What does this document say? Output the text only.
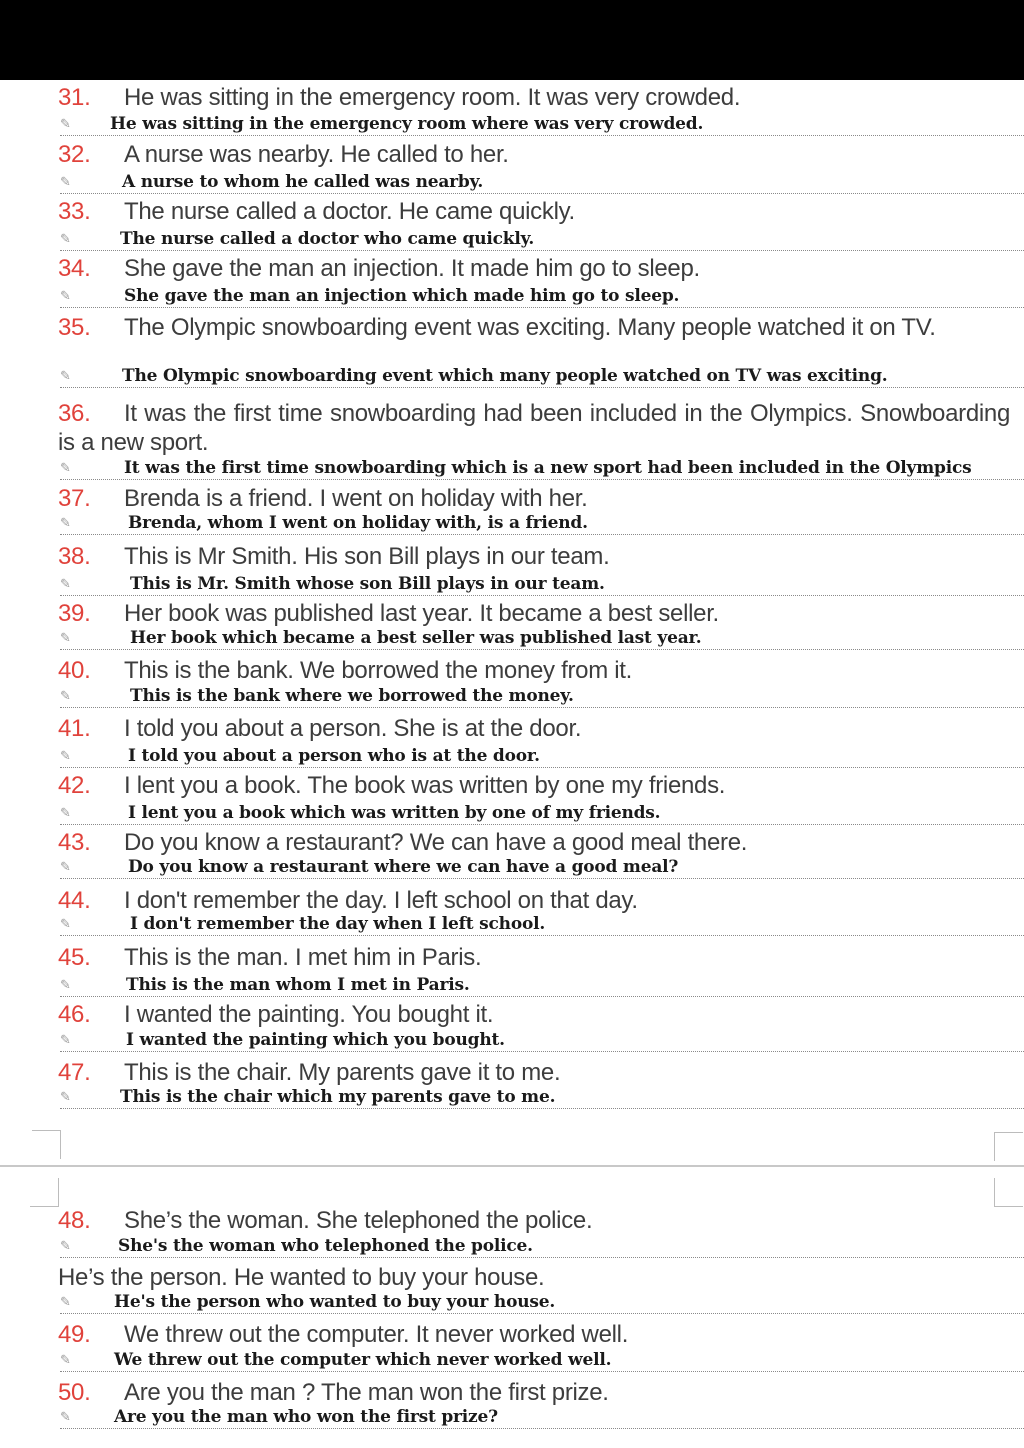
31. He was sitting in the emergency room. It was very crowded.
✎ He was sitting in the emergency room where was very crowded.
32. A nurse was nearby. He called to her.
✎	A nurse to whom he called was nearby.
33. The nurse called a doctor. He came quickly.
✎	The nurse called a doctor who came quickly.
34. She gave the man an injection. It made him go to sleep.
✎	She gave the man an injection which made him go to sleep.
35. The Olympic snowboarding event was exciting. Many people watched it on TV.
✎	The Olympic snowboarding event which many people watched on TV was exciting.
36. It was the first time snowboarding had been included in the Olympics. Snowboarding is a new sport.
✎	It was the first time snowboarding which is a new sport had been included in the Olympics
37. Brenda is a friend. I went on holiday with her.
✎	Brenda, whom I went on holiday with, is a friend.
38. This is Mr Smith. His son Bill plays in our team.
✎	This is Mr. Smith whose son Bill plays in our team.
39. Her book was published last year. It became a best seller.
✎	Her book which became a best seller was published last year.
40. This is the bank. We borrowed the money from it.
✎	This is the bank where we borrowed the money.
41. I told you about a person. She is at the door.
✎	I told you about a person who is at the door.
42. I lent you a book. The book was written by one my friends.
✎	I lent you a book which was written by one of my friends.
43. Do you know a restaurant? We can have a good meal there.
✎	Do you know a restaurant where we can have a good meal?
44. I don't remember the day. I left school on that day.
✎	I don't remember the day when I left school.
45. This is the man. I met him in Paris.
✎	This is the man whom I met in Paris.
46. I wanted the painting. You bought it.
✎	I wanted the painting which you bought.
47. This is the chair. My parents gave it to me.
✎	This is the chair which my parents gave to me.
48. She’s the woman. She telephoned the police.
✎	She's the woman who telephoned the police.
He’s the person. He wanted to buy your house.
✎	He's the person who wanted to buy your house.
49. We threw out the computer. It never worked well.
✎	We threw out the computer which never worked well.
50. Are you the man ? The man won the first prize.
✎	Are you the man who won the first prize?
